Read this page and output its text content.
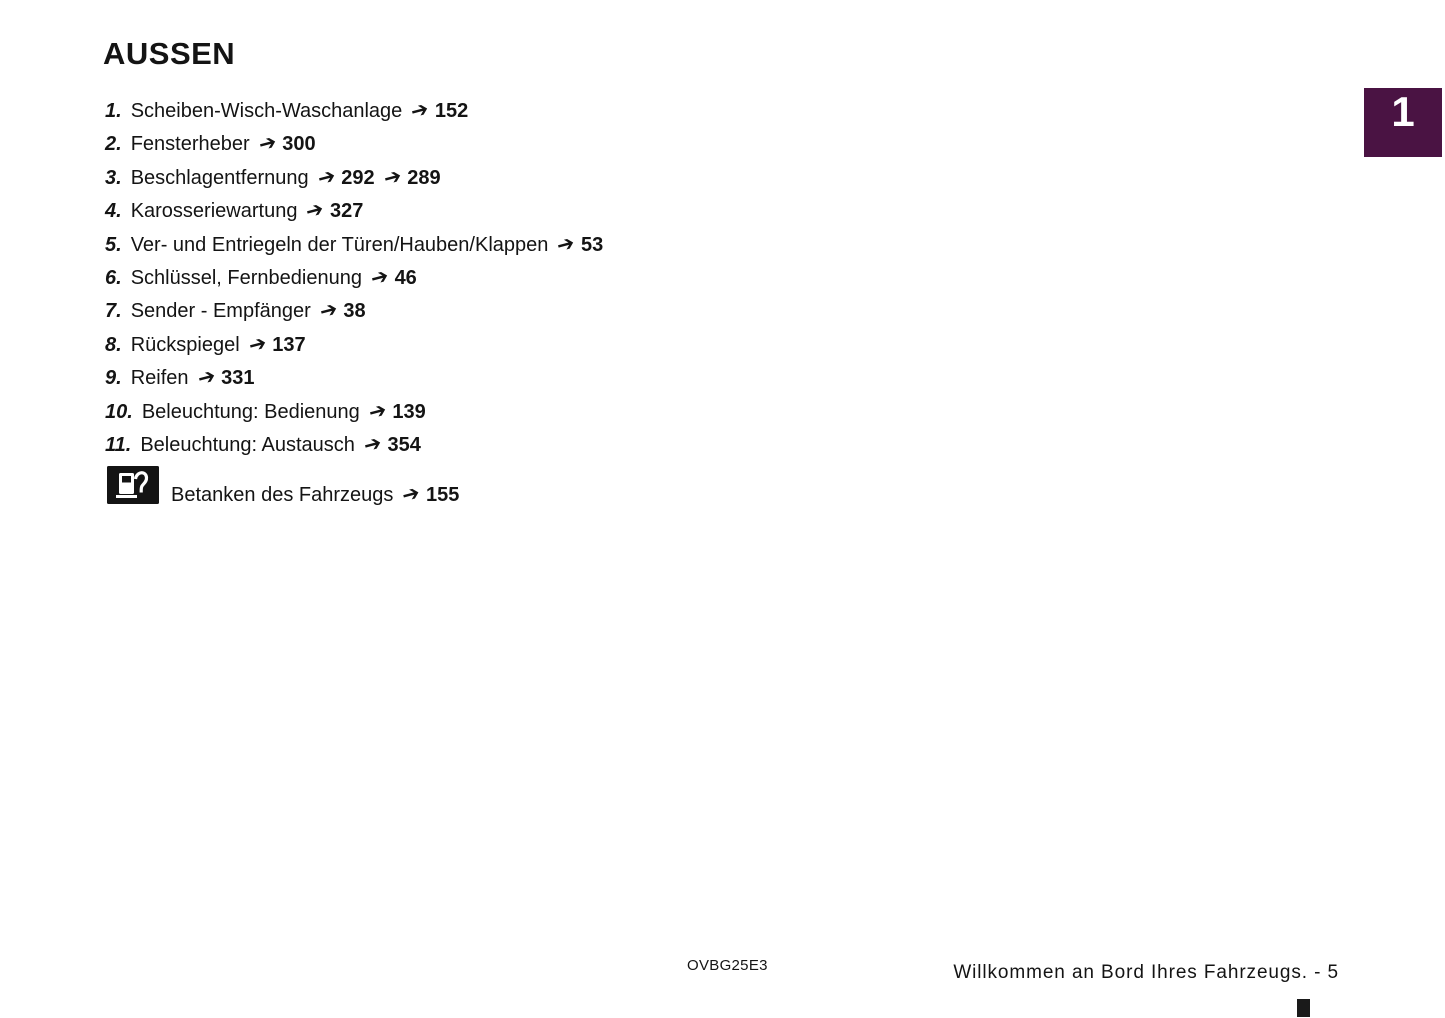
AUSSEN
1. Scheiben-Wisch-Waschanlage ➔ 152
2. Fensterheber ➔ 300
3. Beschlagentfernung ➔ 292 ➔ 289
4. Karosseriewartung ➔ 327
5. Ver- und Entriegeln der Türen/Hauben/Klappen ➔ 53
6. Schlüssel, Fernbedienung ➔ 46
7. Sender - Empfänger ➔ 38
8. Rückspiegel ➔ 137
9. Reifen ➔ 331
10. Beleuchtung: Bedienung ➔ 139
11. Beleuchtung: Austausch ➔ 354
Betanken des Fahrzeugs ➔ 155
1
OVBG25E3	Willkommen an Bord Ihres Fahrzeugs. - 5
